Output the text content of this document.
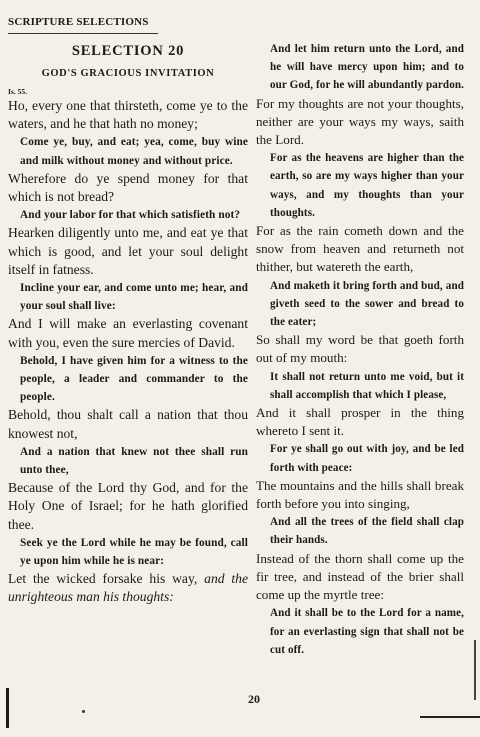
SCRIPTURE SELECTIONS
SELECTION 20
GOD'S GRACIOUS INVITATION
Is. 55.

Ho, every one that thirsteth, come ye to the waters, and he that hath no money;

Come ye, buy, and eat; yea, come, buy wine and milk without money and without price.

Wherefore do ye spend money for that which is not bread?

And your labor for that which satisfieth not?

Hearken diligently unto me, and eat ye that which is good, and let your soul delight itself in fatness.

Incline your ear, and come unto me; hear, and your soul shall live:

And I will make an everlasting covenant with you, even the sure mercies of David.

Behold, I have given him for a witness to the people, a leader and commander to the people.

Behold, thou shalt call a nation that thou knowest not,

And a nation that knew not thee shall run unto thee,

Because of the Lord thy God, and for the Holy One of Israel; for he hath glorified thee.

Seek ye the Lord while he may be found, call ye upon him while he is near:

Let the wicked forsake his way, and the unrighteous man his thoughts:

And let him return unto the Lord, and he will have mercy upon him; and to our God, for he will abundantly pardon.

For my thoughts are not your thoughts, neither are your ways my ways, saith the Lord.

For as the heavens are higher than the earth, so are my ways higher than your ways, and my thoughts than your thoughts.

For as the rain cometh down and the snow from heaven and returneth not thither, but watereth the earth,

And maketh it bring forth and bud, and giveth seed to the sower and bread to the eater;

So shall my word be that goeth forth out of my mouth:

It shall not return unto me void, but it shall accomplish that which I please,

And it shall prosper in the thing whereto I sent it.

For ye shall go out with joy, and be led forth with peace:

The mountains and the hills shall break forth before you into singing,

And all the trees of the field shall clap their hands.

Instead of the thorn shall come up the fir tree, and instead of the brier shall come up the myrtle tree:

And it shall be to the Lord for a name, for an everlasting sign that shall not be cut off.

20
